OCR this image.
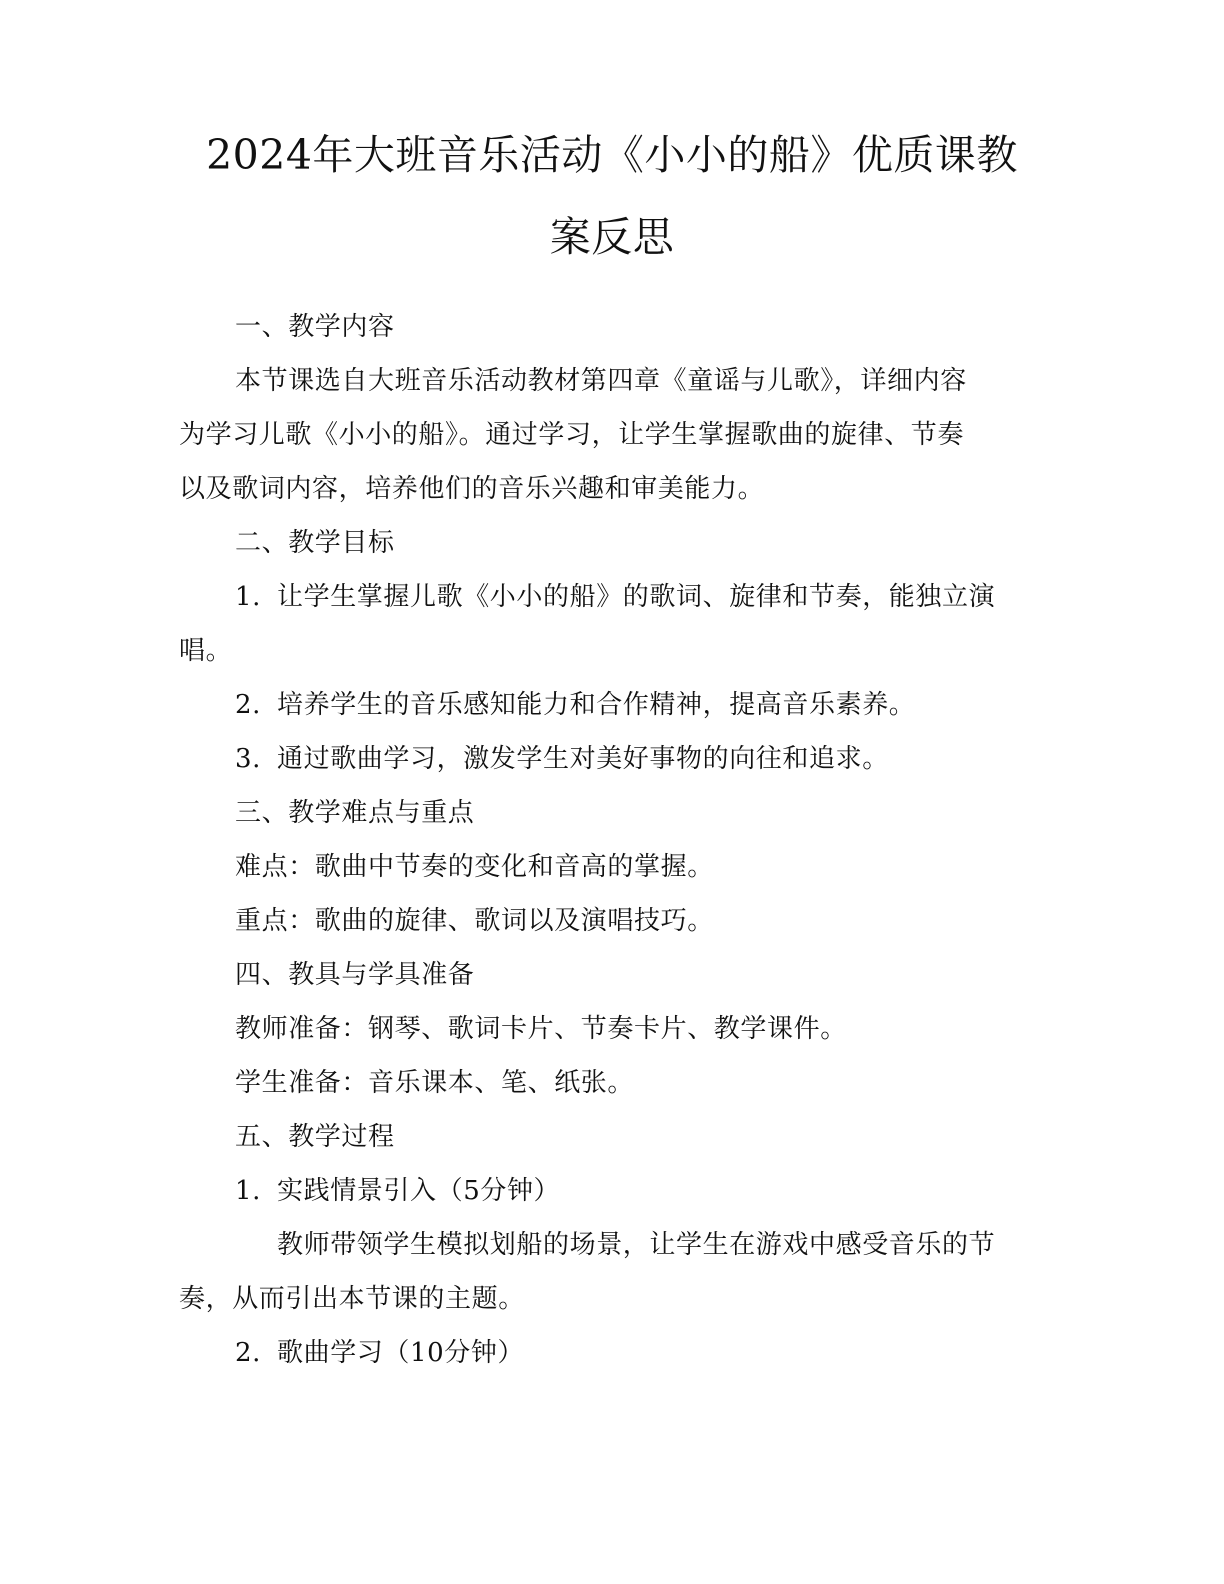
2024年大班音乐活动《小小的船》优质课教
案反思
一、教学内容
本节课选自大班音乐活动教材第四章《童谣与儿歌》，详细内容
为学习儿歌《小小的船》。通过学习，让学生掌握歌曲的旋律、节奏
以及歌词内容，培养他们的音乐兴趣和审美能力。
二、教学目标
1. 让学生掌握儿歌《小小的船》的歌词、旋律和节奏，能独立演
唱。
2. 培养学生的音乐感知能力和合作精神，提高音乐素养。
3. 通过歌曲学习，激发学生对美好事物的向往和追求。
三、教学难点与重点
难点：歌曲中节奏的变化和音高的掌握。
重点：歌曲的旋律、歌词以及演唱技巧。
四、教具与学具准备
教师准备：钢琴、歌词卡片、节奏卡片、教学课件。
学生准备：音乐课本、笔、纸张。
五、教学过程
1. 实践情景引入（5分钟）
教师带领学生模拟划船的场景，让学生在游戏中感受音乐的节
奏，从而引出本节课的主题。
2. 歌曲学习（10分钟）
